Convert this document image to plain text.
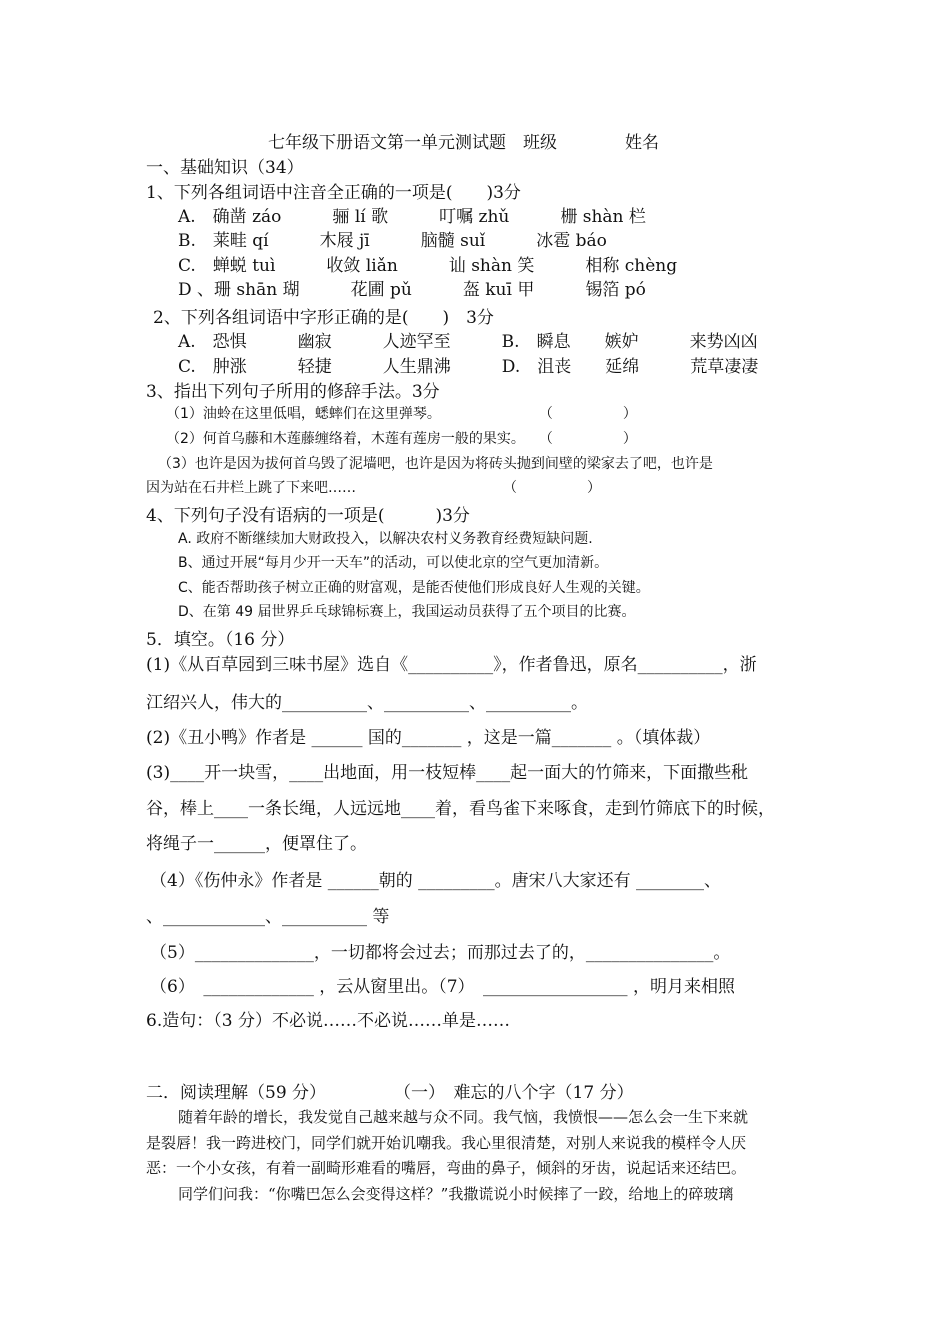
七年级下册语文第一单元测试题　班级　　　　姓名
一、基础知识（34）
1、下列各组词语中注音全正确的一项是(　　)3分
A.　确凿 záo　　　骊 lí 歌　　　叮嘱 zhǔ　　　栅 shàn 栏
B.　莱畦 qí　　　木屐 jī　　　脑髓 suǐ　　　冰雹 báo
C.　蝉蜕 tuì　　　收敛 liǎn　　　讪 shàn 笑　　　相称 chèng
D 、珊 shān 瑚　　　花圃 pǔ　　　盔 kuī 甲　　　锡箔 pó
2、下列各组词语中字形正确的是(　　)　3分
A.　恐惧　　　幽寂　　　人迹罕至　　　B.　瞬息　　嫉妒　　　来势凶凶
C.　肿涨　　　轻捷　　　人生鼎沸　　　D.　沮丧　　延绵　　　荒草凄凄
3、指出下列句子所用的修辞手法。3分
（1）油蛉在这里低唱，蟋蟀们在这里弹琴。　　　　　　　　（　　　　　）
（2）何首乌藤和木莲藤缠络着，木莲有莲房一般的果实。　　（　　　　　）
（3）也许是因为拔何首乌毁了泥墙吧，也许是因为将砖头抛到间壁的梁家去了吧，也许是
因为站在石井栏上跳了下来吧……　　　　　　　　　　　（　　　　　）
4、下列句子没有语病的一项是(　　　)3分
A. 政府不断继续加大财政投入，以解决农村义务教育经费短缺问题.
B、通过开展“每月少开一天车”的活动，可以使北京的空气更加清新。
C、能否帮助孩子树立正确的财富观，是能否使他们形成良好人生观的关键。
D、在第 49 届世界乒乓球锦标赛上，我国运动员获得了五个项目的比赛。
5．填空。（16 分）
(1)《从百草园到三味书屋》选自《__________》，作者鲁迅，原名__________，浙
江绍兴人，伟大的__________、__________、__________。
(2)《丑小鸭》作者是 ______ 国的_______ ，这是一篇_______ 。（填体裁）
(3)____开一块雪，____出地面，用一枝短棒____起一面大的竹筛来，下面撒些秕
谷，棒上____一条长绳，人远远地____着，看鸟雀下来啄食，走到竹筛底下的时候，
将绳子一______，便罩住了。
（4）《伤仲永》作者是 ______朝的 _________。唐宋八大家还有 ________、
、____________、__________ 等
（5）______________，一切都将会过去；而那过去了的，_______________。
（6）　_____________ ，云从窗里出。（7）　_________________ ，明月来相照
6.造句：（3 分）不必说……不必说……单是……
二．阅读理解（59 分）　　　　　（一）　难忘的八个字（17 分）
随着年龄的增长，我发觉自己越来越与众不同。我气恼，我愤恨——怎么会一生下来就
是裂唇！我一跨进校门，同学们就开始讥嘲我。我心里很清楚，对别人来说我的模样令人厌
恶：一个小女孩，有着一副畸形难看的嘴唇，弯曲的鼻子，倾斜的牙齿，说起话来还结巴。
同学们问我：“你嘴巴怎么会变得这样？”我撒谎说小时候摔了一跤，给地上的碎玻璃
